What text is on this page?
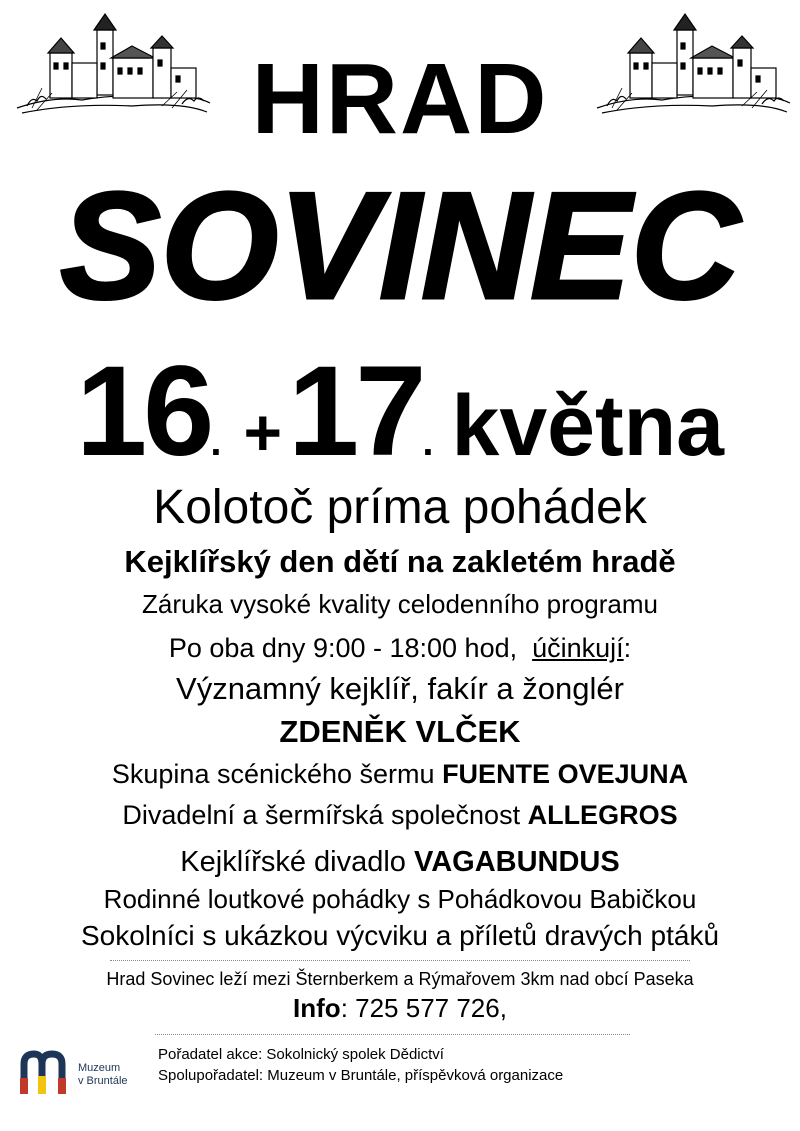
HRAD
SOVINEC
16. +17. května
Kolotoč príma pohádek
Kejklířský den dětí na zakletém hradě
Záruka vysoké kvality celodenního programu
Po oba dny 9:00 - 18:00 hod,  účinkují:
Významný kejklíř, fakír a žonglér
ZDENĚK VLČEK
Skupina scénického šermu FUENTE OVEJUNA
Divadelní a šermířská společnost ALLEGROS
Kejklířské divadlo VAGABUNDUS
Rodinné loutkové pohádky s Pohádkovou Babičkou
Sokolníci s ukázkou výcviku a příletů dravých ptáků
Hrad Sovinec leží mezi Šternberkem a Rýmařovem 3km nad obcí Paseka
Info: 725 577 726,
Muzeum
v Bruntále
Pořadatel akce: Sokolnický spolek Dědictví
Spolupořadatel: Muzeum v Bruntále, příspěvková organizace
